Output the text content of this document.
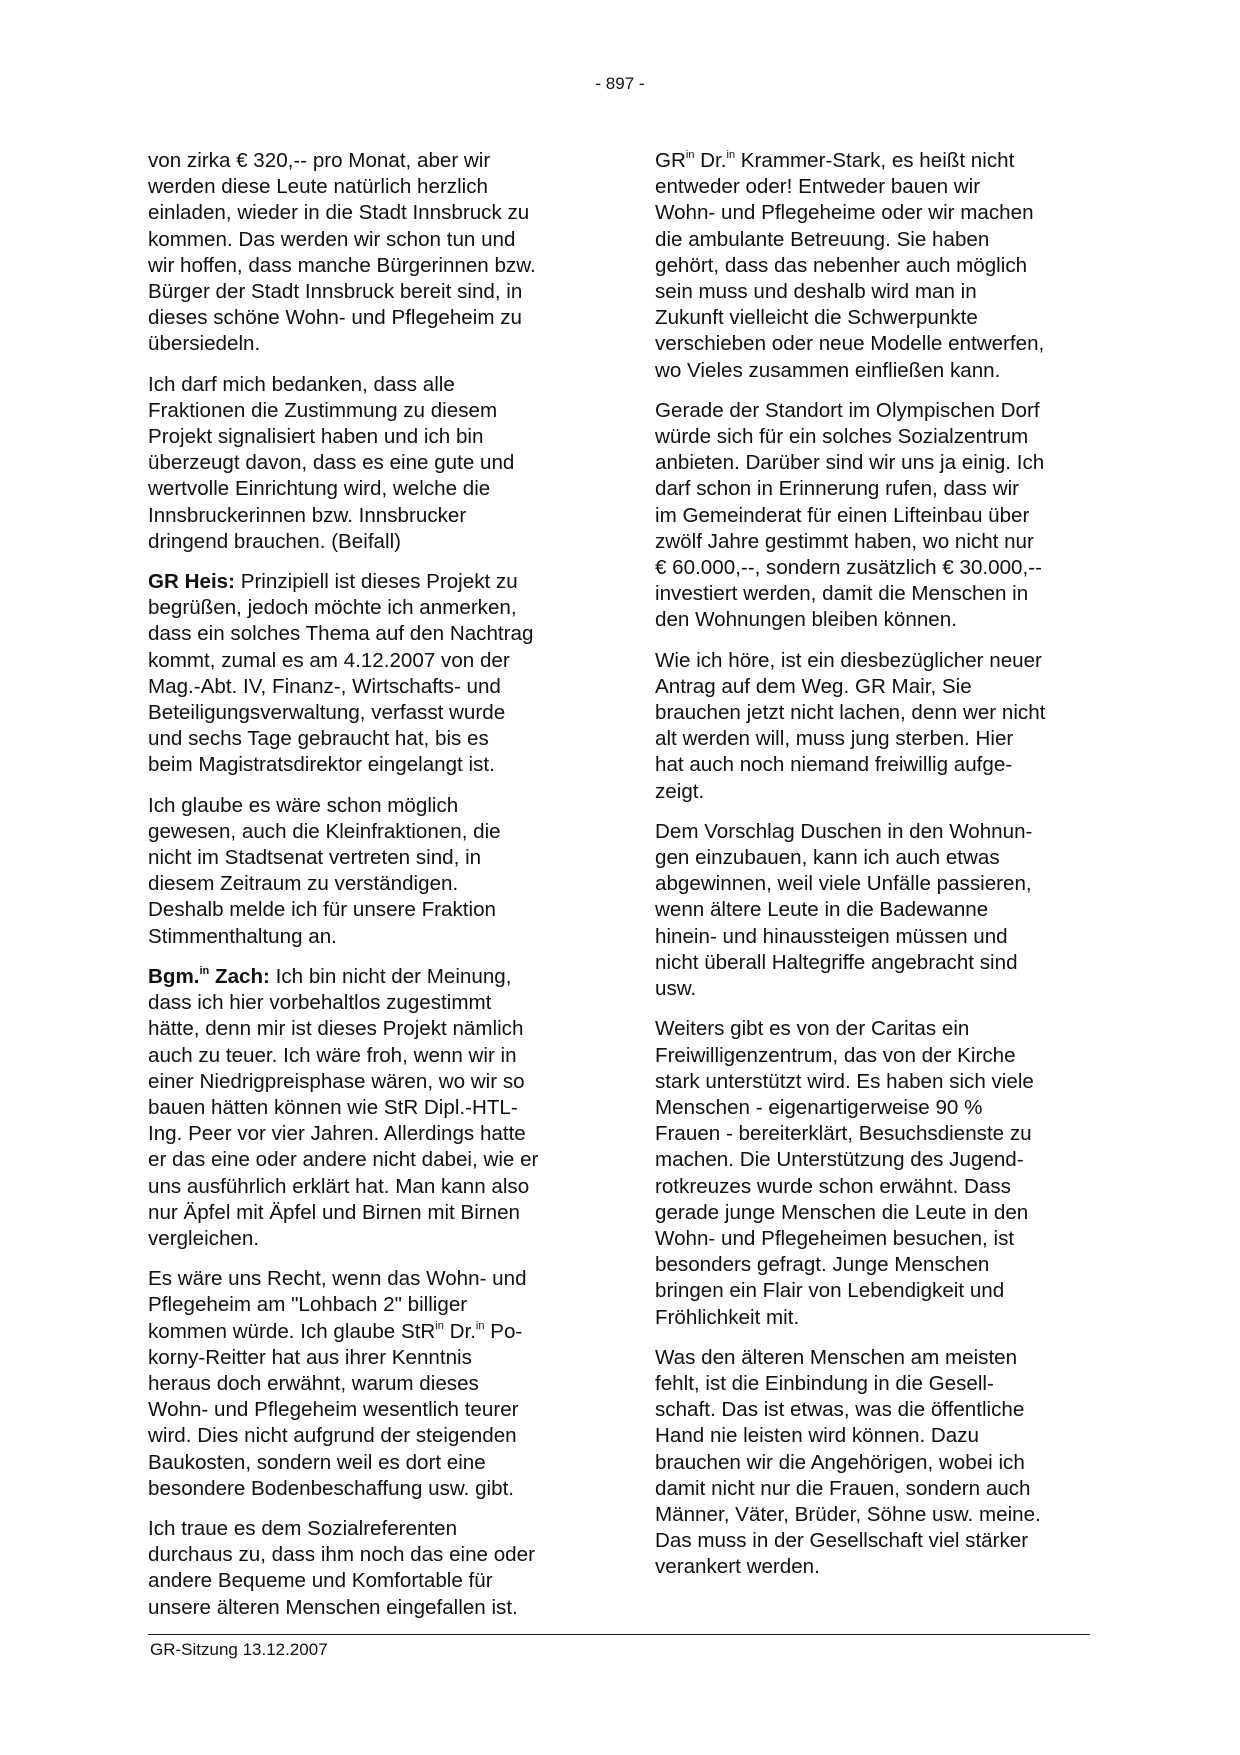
- 897 -

von zirka € 320,-- pro Monat, aber wir
werden diese Leute natürlich herzlich
einladen, wieder in die Stadt Innsbruck zu
kommen. Das werden wir schon tun und
wir hoffen, dass manche Bürgerinnen bzw.
Bürger der Stadt Innsbruck bereit sind, in
dieses schöne Wohn- und Pflegeheim zu
übersiedeln.

Ich darf mich bedanken, dass alle
Fraktionen die Zustimmung zu diesem
Projekt signalisiert haben und ich bin
überzeugt davon, dass es eine gute und
wertvolle Einrichtung wird, welche die
Innsbruckerinnen bzw. Innsbrucker
dringend brauchen. (Beifall)

GR Heis: Prinzipiell ist dieses Projekt zu
begrüßen, jedoch möchte ich anmerken,
dass ein solches Thema auf den Nachtrag
kommt, zumal es am 4.12.2007 von der
Mag.-Abt. IV, Finanz-, Wirtschafts- und
Beteiligungsverwaltung, verfasst wurde
und sechs Tage gebraucht hat, bis es
beim Magistratsdirektor eingelangt ist.

Ich glaube es wäre schon möglich
gewesen, auch die Kleinfraktionen, die
nicht im Stadtsenat vertreten sind, in
diesem Zeitraum zu verständigen.
Deshalb melde ich für unsere Fraktion
Stimmenthaltung an.

Bgm.$^{in}$ Zach: Ich bin nicht der Meinung,
dass ich hier vorbehaltlos zugestimmt
hätte, denn mir ist dieses Projekt nämlich
auch zu teuer. Ich wäre froh, wenn wir in
einer Niedrigpreisphase wären, wo wir so
bauen hätten können wie StR Dipl.-HTL-
Ing. Peer vor vier Jahren. Allerdings hatte
er das eine oder andere nicht dabei, wie er
uns ausführlich erklärt hat. Man kann also
nur Äpfel mit Äpfel und Birnen mit Birnen
vergleichen.

Es wäre uns Recht, wenn das Wohn- und
Pflegeheim am "Lohbach 2" billiger
kommen würde. Ich glaube StR$^{in}$ Dr.$^{in}$ Po-
korny-Reitter hat aus ihrer Kenntnis
heraus doch erwähnt, warum dieses
Wohn- und Pflegeheim wesentlich teurer
wird. Dies nicht aufgrund der steigenden
Baukosten, sondern weil es dort eine
besondere Bodenbeschaffung usw. gibt.

Ich traue es dem Sozialreferenten
durchaus zu, dass ihm noch das eine oder
andere Bequeme und Komfortable für
unsere älteren Menschen eingefallen ist.

$GR^{in}$ Dr.$^{in}$ Krammer-Stark, es heißt nicht
entweder oder! Entweder bauen wir
Wohn- und Pflegeheime oder wir machen
die ambulante Betreuung. Sie haben
gehört, dass das nebenher auch möglich
sein muss und deshalb wird man in
Zukunft vielleicht die Schwerpunkte
verschieben oder neue Modelle entwerfen,
wo Vieles zusammen einfließen kann.

Gerade der Standort im Olympischen Dorf
würde sich für ein solches Sozialzentrum
anbieten. Darüber sind wir uns ja einig. Ich
darf schon in Erinnerung rufen, dass wir
im Gemeinderat für einen Lifteinbau über
zwölf Jahre gestimmt haben, wo nicht nur
€ 60.000,--, sondern zusätzlich € 30.000,--
investiert werden, damit die Menschen in
den Wohnungen bleiben können.

Wie ich höre, ist ein diesbezüglicher neuer
Antrag auf dem Weg. GR Mair, Sie
brauchen jetzt nicht lachen, denn wer nicht
alt werden will, muss jung sterben. Hier
hat auch noch niemand freiwillig aufge-
zeigt.

Dem Vorschlag Duschen in den Wohnun-
gen einzubauen, kann ich auch etwas
abgewinnen, weil viele Unfälle passieren,
wenn ältere Leute in die Badewanne
hinein- und hinaussteigen müssen und
nicht überall Haltegriffe angebracht sind
usw.

Weiters gibt es von der Caritas ein
Freiwilligenzentrum, das von der Kirche
stark unterstützt wird. Es haben sich viele
Menschen - eigenartigerweise 90 %
Frauen - bereiterklärt, Besuchsdienste zu
machen. Die Unterstützung des Jugend-
rotkreuzes wurde schon erwähnt. Dass
gerade junge Menschen die Leute in den
Wohn- und Pflegeheimen besuchen, ist
besonders gefragt. Junge Menschen
bringen ein Flair von Lebendigkeit und
Fröhlichkeit mit.

Was den älteren Menschen am meisten
fehlt, ist die Einbindung in die Gesell-
schaft. Das ist etwas, was die öffentliche
Hand nie leisten wird können. Dazu
brauchen wir die Angehörigen, wobei ich
damit nicht nur die Frauen, sondern auch
Männer, Väter, Brüder, Söhne usw. meine.
Das muss in der Gesellschaft viel stärker
verankert werden.

GR-Sitzung 13.12.2007
